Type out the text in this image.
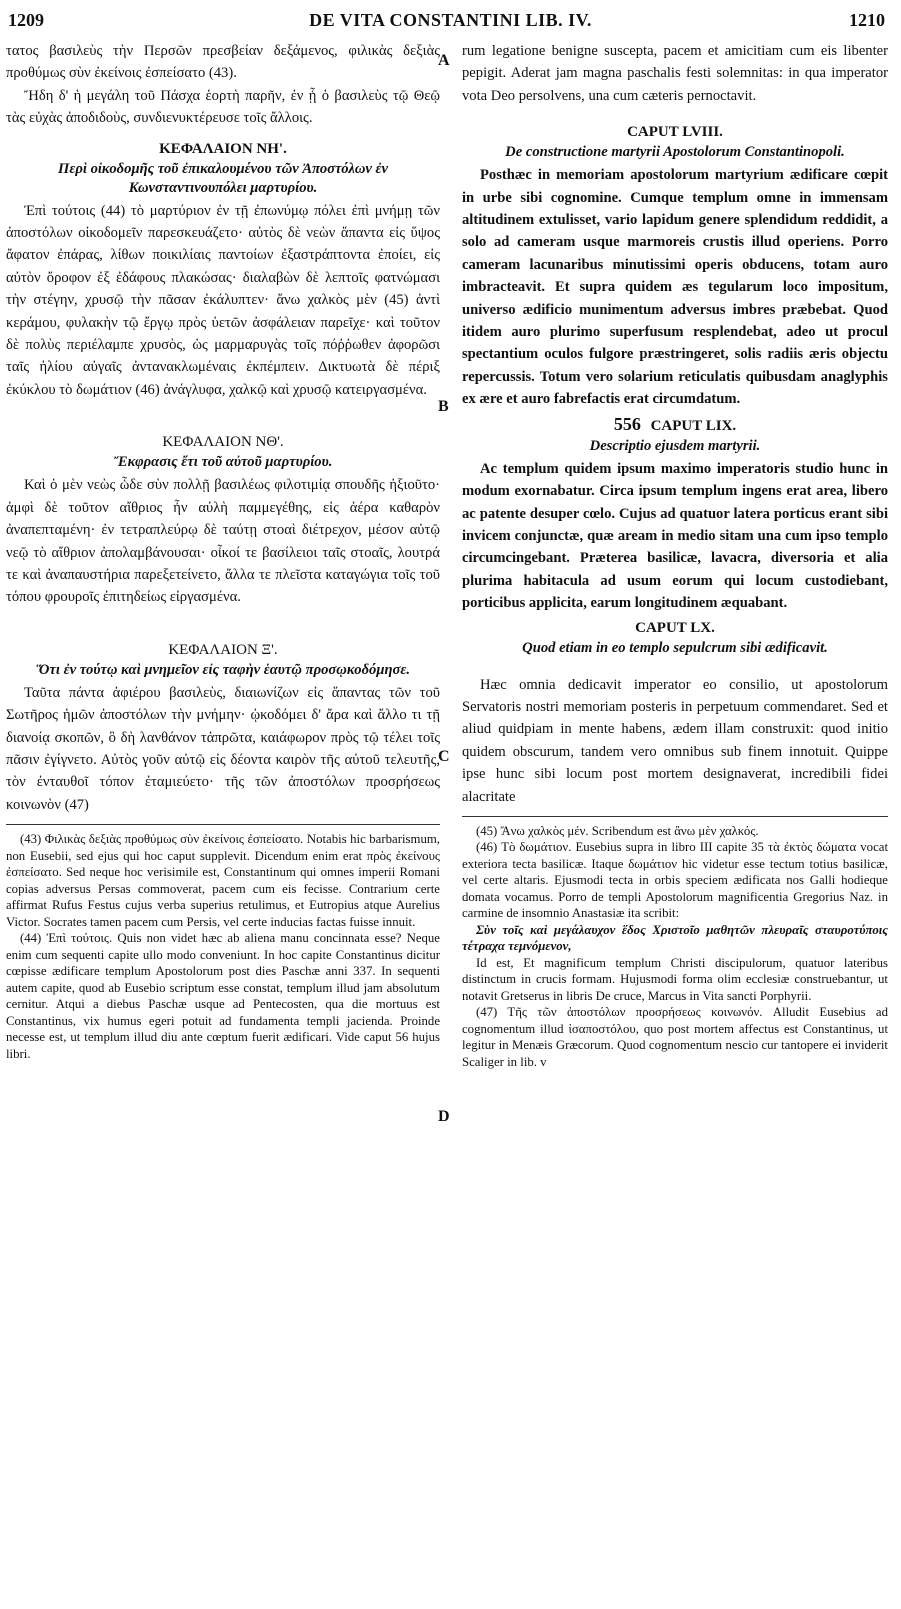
1209	DE VITA CONSTANTINI LIB. IV.	1210
A
B
C
D

τατος βασιλεὺς τὴν Περσῶν πρεσβείαν δεξάμενος, φιλικὰς δεξιὰς προθύμως σὺν ἐκείνοις ἐσπείσατο (43).

Ἤδη δ' ἡ μεγάλη τοῦ Πάσχα ἑορτὴ παρῆν, ἐν ᾗ ὁ βασιλεὺς τῷ Θεῷ τὰς εὐχὰς ἀποδιδοὺς, συνδιενυκτέρευσε τοῖς ἄλλοις.

ΚΕΦΑΛΑΙΟΝ ΝΗ'.
Περὶ οἰκοδομῆς τοῦ ἐπικαλουμένου τῶν Ἀποστόλων ἐν Κωνσταντινουπόλει μαρτυρίου.

Ἐπὶ τούτοις (44) τὸ μαρτύριον ἐν τῇ ἐπωνύμῳ πόλει ἐπὶ μνήμῃ τῶν ἀποστόλων οἰκοδομεῖν παρεσκευάζετο· αὐτὸς δὲ νεὼν ἅπαντα εἰς ὕψος ἄφατον ἐπάρας, λίθων ποικιλίαις παντοίων ἐξαστράπτοντα ἐποίει, εἰς αὐτὸν ὄροφον ἐξ ἐδάφους πλακώσας· διαλαβὼν δὲ λεπτοῖς φατνώμασι τὴν στέγην, χρυσῷ τὴν πᾶσαν ἐκάλυπτεν· ἄνω χαλκὸς μὲν (45) ἀντὶ κεράμου, φυλακὴν τῷ ἔργῳ πρὸς ὑετῶν ἀσφάλειαν παρεῖχε· καὶ τοῦτον δὲ πολὺς περιέλαμπε χρυσὸς, ὡς μαρμαρυγὰς τοῖς πόῤῥωθεν ἀφορῶσι ταῖς ἡλίου αὐγαῖς ἀντανακλωμέναις ἐκπέμπειν. Δικτυωτὰ δὲ πέριξ ἐκύκλου τὸ δωμάτιον (46) ἀνάγλυφα, χαλκῷ καὶ χρυσῷ κατειργασμένα.

ΚΕΦΑΛΑΙΟΝ ΝΘ'.
Ἔκφρασις ἔτι τοῦ αὐτοῦ μαρτυρίου.

Καὶ ὁ μὲν νεὼς ὧδε σὺν πολλῇ βασιλέως φιλοτιμίᾳ σπουδῆς ἠξιοῦτο· ἀμφὶ δὲ τοῦτον αἴθριος ἦν αὐλὴ παμμεγέθης, εἰς ἀέρα καθαρὸν ἀναπεπταμένη· ἐν τετραπλεύρῳ δὲ ταύτῃ στοαὶ διέτρεχον, μέσον αὐτῷ νεῷ τὸ αἴθριον ἀπολαμβάνουσαι· οἶκοί τε βασίλειοι ταῖς στοαῖς, λουτρά τε καὶ ἀναπαυστήρια παρεξετείνετο, ἄλλα τε πλεῖστα καταγώγια τοῖς τοῦ τόπου φρουροῖς ἐπιτηδείως εἰργασμένα.

ΚΕΦΑΛΑΙΟΝ Ξ'.
Ὅτι ἐν τούτῳ καὶ μνημεῖον εἰς ταφὴν ἑαυτῷ προσῳκοδόμησε.

Ταῦτα πάντα ἀφιέρου βασιλεὺς, διαιωνίζων εἰς ἅπαντας τῶν τοῦ Σωτῆρος ἡμῶν ἀποστόλων τὴν μνήμην· ᾠκοδόμει δ' ἄρα καὶ ἄλλο τι τῇ διανοίᾳ σκοπῶν, ὃ δὴ λανθάνον τἀπρῶτα, καιάφωρον πρὸς τῷ τέλει τοῖς πᾶσιν ἐγίγνετο. Αὐτὸς γοῦν αὐτῷ εἰς δέοντα καιρὸν τῆς αὐτοῦ τελευτῆς, τὸν ἐνταυθοῖ τόπον ἐταμιεύετο· τῆς τῶν ἀποστόλων προσρήσεως κοινωνὸν (47)

(43) Φιλικὰς δεξιὰς προθύμως σὺν ἐκείνοις ἐσπείσατο. Notabis hic barbarismum, non Eusebii, sed ejus qui hoc caput supplevit. Dicendum enim erat πρὸς ἐκείνους ἐσπείσατο. Sed neque hoc verisimile est, Constantinum qui omnes imperii Romani copias adversus Persas commoverat, pacem cum eis fecisse. Contrarium certe affirmat Rufus Festus cujus verba superius retulimus, et Eutropius atque Aurelius Victor. Socrates tamen pacem cum Persis, vel certe inducias factas fuisse innuit.

(44) Ἐπὶ τούτοις. Quis non videt hæc ab aliena manu concinnata esse? Neque enim cum sequenti capite ullo modo conveniunt. In hoc capite Constantinus dicitur cœpisse ædificare templum Apostolorum post dies Paschæ anni 337. In sequenti autem capite, quod ab Eusebio scriptum esse constat, templum illud jam absolutum cernitur. Atqui a diebus Paschæ usque ad Pentecosten, qua die mortuus est Constantinus, vix humus egeri potuit ad fundamenta templi jacienda. Proinde necesse est, ut templum illud diu ante cœptum fuerit ædificari. Vide caput 56 hujus libri.

rum legatione benigne suscepta, pacem et amicitiam cum eis libenter pepigit. Aderat jam magna paschalis festi solemnitas: in qua imperator vota Deo persolvens, una cum cæteris pernoctavit.

CAPUT LVIII.
De constructione martyrii Apostolorum Constantinopoli.

Posthæc in memoriam apostolorum martyrium ædificare cœpit in urbe sibi cognomine. Cumque templum omne in immensam altitudinem extulisset, vario lapidum genere splendidum reddidit, a solo ad cameram usque marmoreis crustis illud operiens. Porro cameram lacunaribus minutissimi operis obducens, totam auro imbracteavit. Et supra quidem æs tegularum loco impositum, universo ædificio munimentum adversus imbres præbebat. Quod itidem auro plurimo superfusum resplendebat, adeo ut procul spectantium oculos fulgore præstringeret, solis radiis æris objectu repercussis. Totum vero solarium reticulatis quibusdam anaglyphis ex ære et auro fabrefactis erat circumdatum.

556 CAPUT LIX.
Descriptio ejusdem martyrii.

Ac templum quidem ipsum maximo imperatoris studio hunc in modum exornabatur. Circa ipsum templum ingens erat area, libero ac patente desuper cœlo. Cujus ad quatuor latera porticus erant sibi invicem conjunctæ, quæ aream in medio sitam una cum ipso templo circumcingebant. Præterea basilicæ, lavacra, diversoria et alia plurima habitacula ad usum eorum qui locum custodiebant, porticibus applicita, earum longitudinem æquabant.

CAPUT LX.
Quod etiam in eo templo sepulcrum sibi ædificavit.

Hæc omnia dedicavit imperator eo consilio, ut apostolorum Servatoris nostri memoriam posteris in perpetuum commendaret. Sed et aliud quidpiam in mente habens, ædem illam construxit: quod initio quidem obscurum, tandem vero omnibus sub finem innotuit. Quippe ipse hunc sibi locum post mortem designaverat, incredibili fidei alacritate

(45) Ἄνω χαλκὸς μέν. Scribendum est ἄνω μὲν χαλκός.

(46) Τὸ δωμάτιον. Eusebius supra in libro III capite 35 τὰ ἐκτὸς δώματα vocat exteriora tecta basilicæ. Itaque δωμάτιον hic videtur esse tectum totius basilicæ, vel certe altaris. Ejusmodi tecta in orbis speciem ædificata nos Galli hodieque domata vocamus. Porro de templi Apostolorum magnificentia Gregorius Naz. in carmine de insomnio Anastasiæ ita scribit:

Σὺν τοῖς καὶ μεγάλαυχον ἕδος Χριστοῖο μαθητῶν πλευραῖς σταυροτύποις τέτραχα τεμνόμενον,

Id est, Et magnificum templum Christi discipulorum, quatuor lateribus distinctum in crucis formam. Hujusmodi forma olim ecclesiæ construebantur, ut notavit Gretserus in libris De cruce, Marcus in Vita sancti Porphyrii.

(47) Τῆς τῶν ἀποστόλων προσρήσεως κοινωνόν. Alludit Eusebius ad cognomentum illud ἰσαποστόλου, quo post mortem affectus est Constantinus, ut legitur in Menæis Græcorum. Quod cognomentum nescio cur tantopere ei inviderit Scaliger in lib. v
